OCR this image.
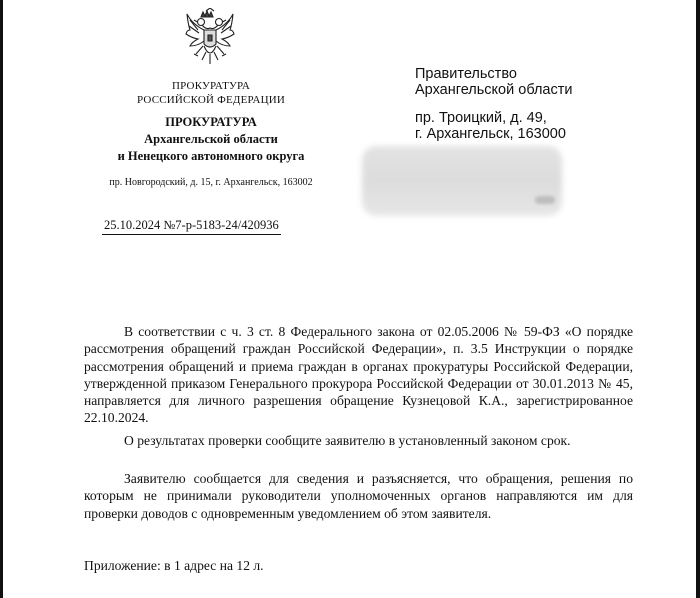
ПРОКУРАТУРА
РОССИЙСКОЙ ФЕДЕРАЦИИ
ПРОКУРАТУРА
Архангельской области
и Ненецкого автономного округа
пр. Новгородский, д. 15, г. Архангельск, 163002
25.10.2024 №7-р-5183-24/420936
Правительство
Архангельской области
пр. Троицкий, д. 49,
г. Архангельск, 163000
В соответствии с ч. 3 ст. 8 Федерального закона от 02.05.2006 № 59-ФЗ «О порядке рассмотрения обращений граждан Российской Федерации», п. 3.5 Инструкции о порядке рассмотрения обращений и приема граждан в органах прокуратуры Российской Федерации, утвержденной приказом Генерального прокурора Российской Федерации от 30.01.2013 № 45, направляется для личного разрешения обращение Кузнецовой К.А., зарегистрированное 22.10.2024.
О результатах проверки сообщите заявителю в установленный законом срок.
Заявителю сообщается для сведения и разъясняется, что обращения, решения по которым не принимали руководители уполномоченных органов направляются им для проверки доводов с одновременным уведомлением об этом заявителя.
Приложение: в 1 адрес на 12 л.
